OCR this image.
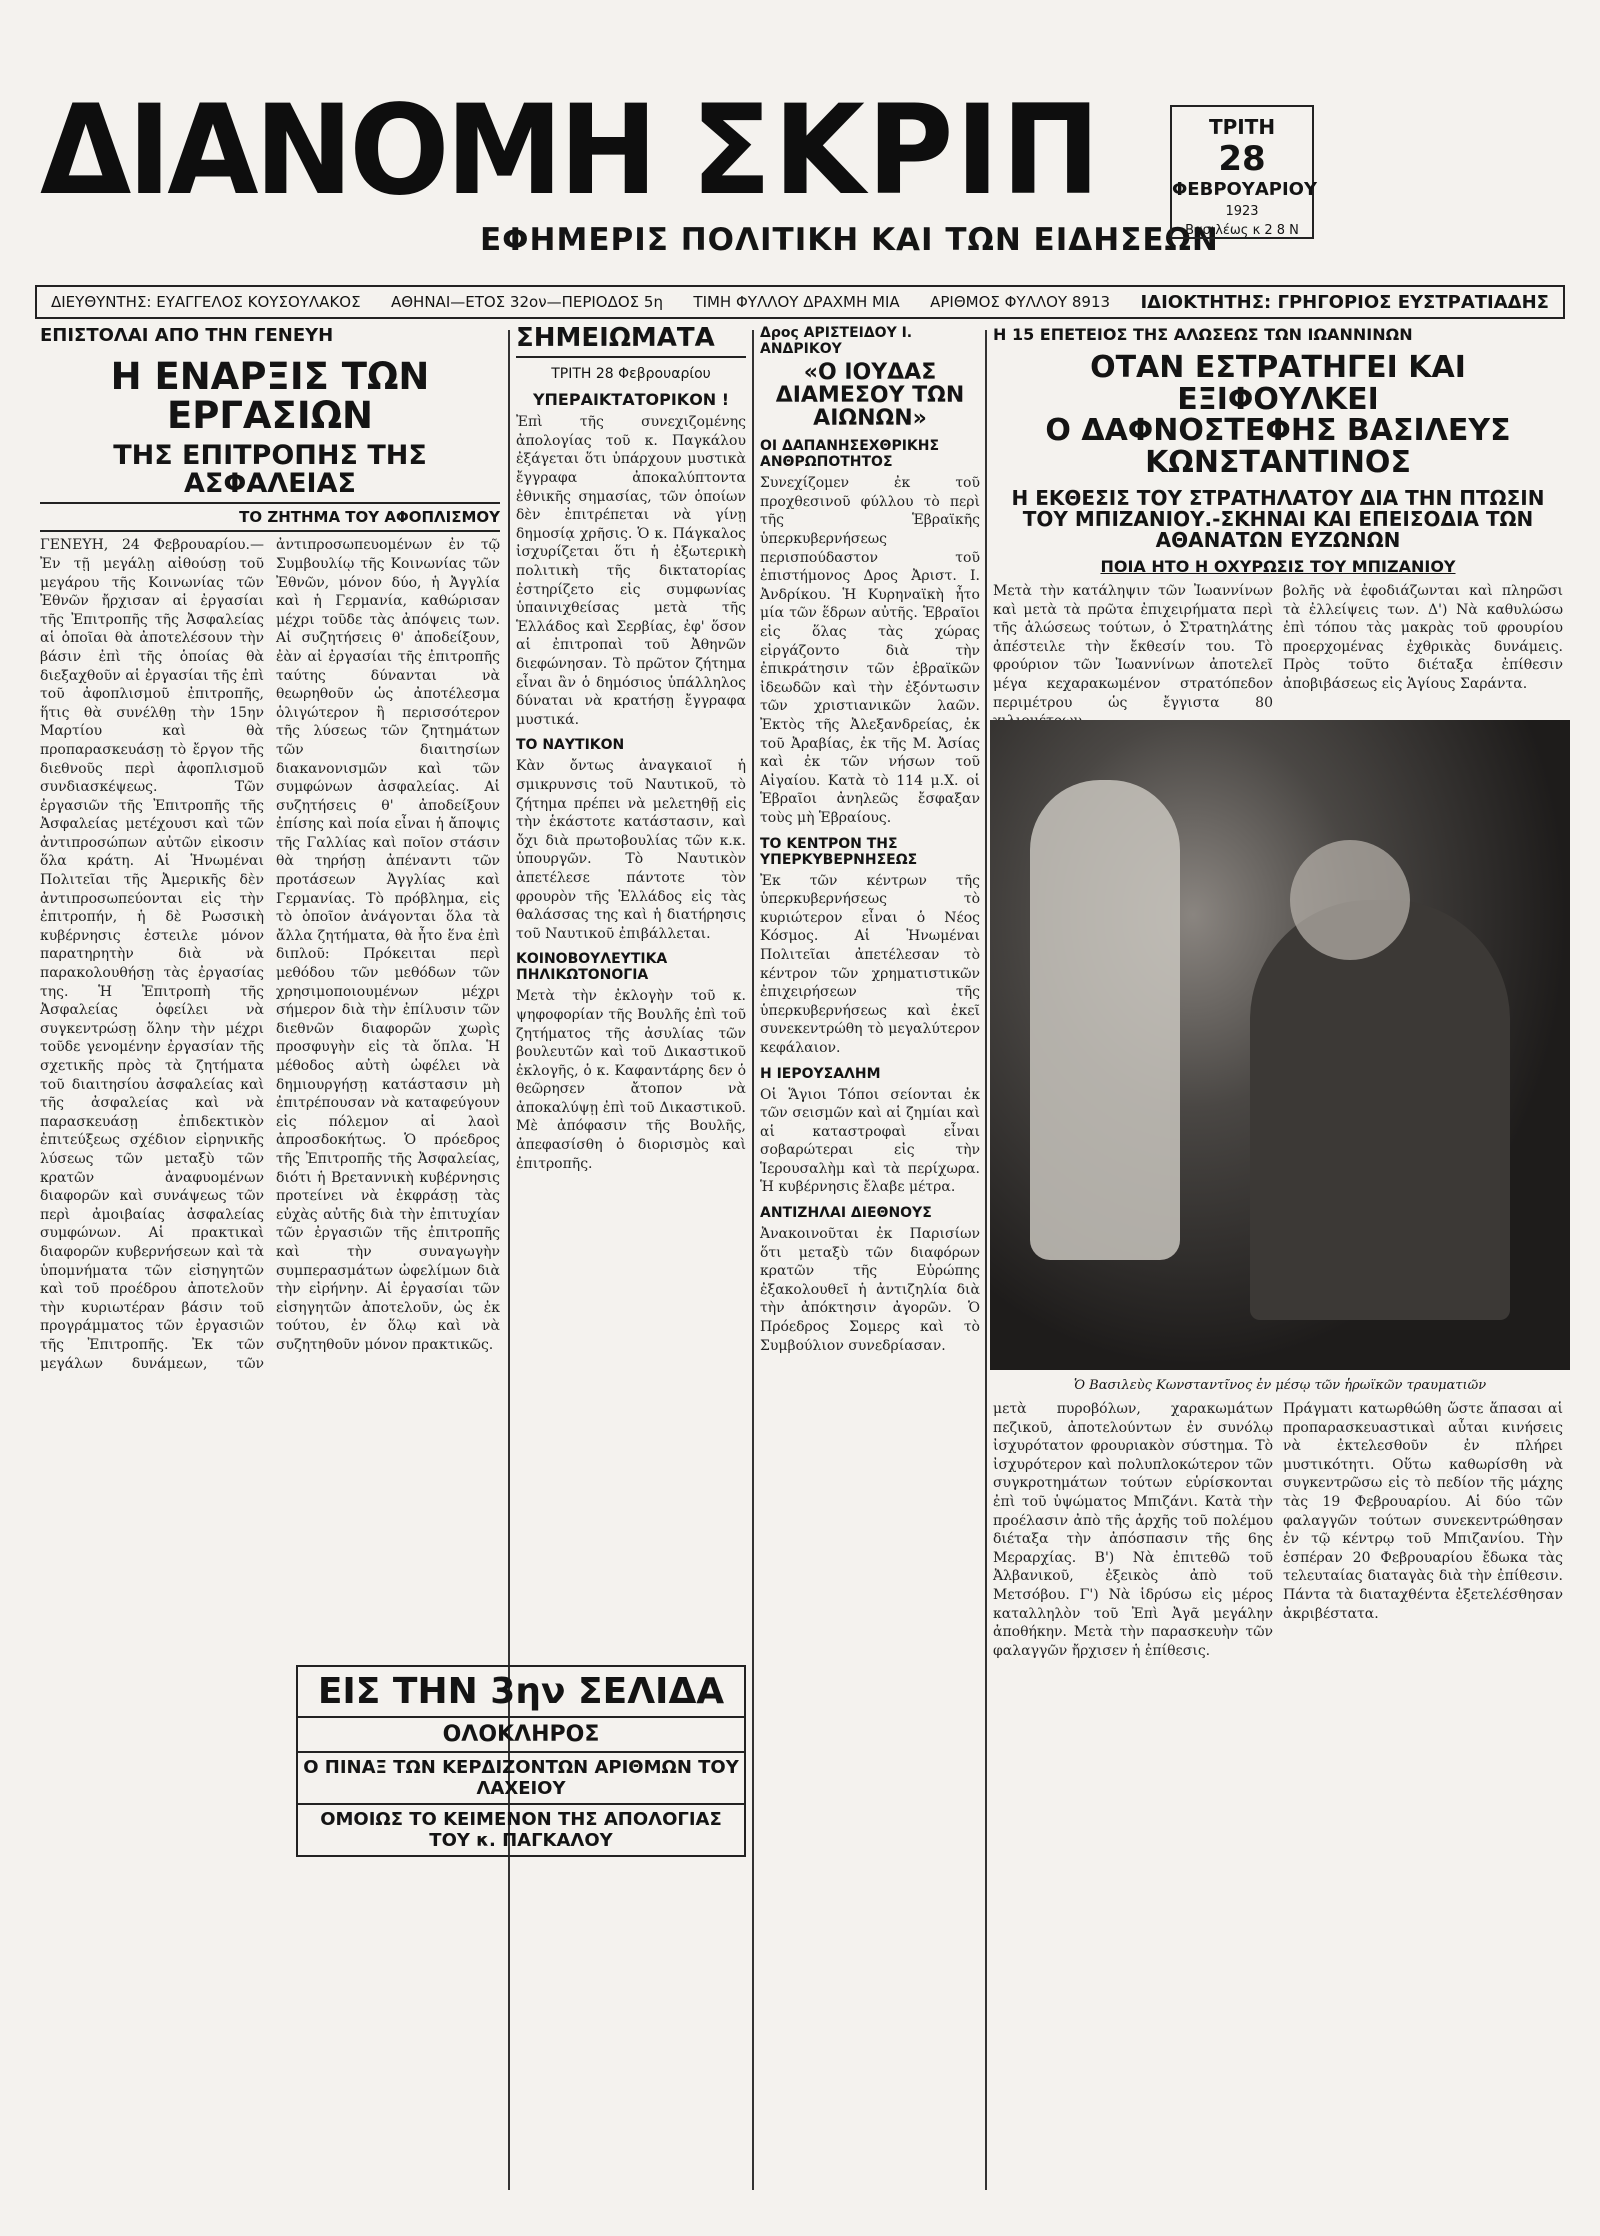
ΔΙΑΝΟΜΗ ΣΚΡΙΠ
ΕΦΗΜΕΡΙΣ ΠΟΛΙΤΙΚΗ ΚΑΙ ΤΩΝ ΕΙΔΗΣΕΩΝ
ΤΡΙΤΗ
28
ΦΕΒΡΟΥΑΡΙΟΥ
1923
Βασιλέως κ 2 8 Ν
ΔΙΕΥΘΥΝΤΗΣ: ΕΥΑΓΓΕΛΟΣ ΚΟΥΣΟΥΛΑΚΟΣ ΑΘΗΝΑΙ—ΕΤΟΣ 32ον—ΠΕΡΙΟΔΟΣ 5η ΤΙΜΗ ΦΥΛΛΟΥ ΔΡΑΧΜΗ ΜΙΑ ΑΡΙΘΜΟΣ ΦΥΛΛΟΥ 8913 ΙΔΙΟΚΤΗΤΗΣ: ΓΡΗΓΟΡΙΟΣ ΕΥΣΤΡΑΤΙΑΔΗΣ
ΕΠΙΣΤΟΛΑΙ ΑΠΟ ΤΗΝ ΓΕΝΕΥΗ
Η ΕΝΑΡΞΙΣ ΤΩΝ ΕΡΓΑΣΙΩΝ
ΤΗΣ ΕΠΙΤΡΟΠΗΣ ΤΗΣ ΑΣΦΑΛΕΙΑΣ
ΤΟ ΖΗΤΗΜΑ ΤΟΥ ΑΦΟΠΛΙΣΜΟΥ
ΓΕΝΕΥΗ, 24 Φεβρουαρίου.—Ἐν τῇ μεγάλῃ αἰθούσῃ τοῦ μεγάρου τῆς Κοινωνίας τῶν Ἐθνῶν ἤρχισαν αἱ ἐργασίαι τῆς Ἐπιτροπῆς τῆς Ἀσφαλείας αἱ ὁποῖαι θὰ ἀποτελέσουν τὴν βάσιν ἐπὶ τῆς ὁποίας θὰ διεξαχθοῦν αἱ ἐργασίαι τῆς ἐπὶ τοῦ ἀφοπλισμοῦ ἐπιτροπῆς, ἥτις θὰ συνέλθῃ τὴν 15ην Μαρτίου καὶ θὰ προπαρασκευάσῃ τὸ ἔργον τῆς διεθνοῦς περὶ ἀφοπλισμοῦ συνδιασκέψεως. Τῶν ἐργασιῶν τῆς Ἐπιτροπῆς τῆς Ἀσφαλείας μετέχουσι καὶ τῶν ἀντιπροσώπων αὐτῶν εἰκοσιν ὅλα κράτη. Αἱ Ἡνωμέναι Πολιτεῖαι τῆς Ἀμερικῆς δὲν ἀντιπροσωπεύονται εἰς τὴν ἐπιτροπήν, ἡ δὲ Ρωσσικὴ κυβέρνησις ἐστειλε μόνον παρατηρητὴν διὰ νὰ παρακολουθήσῃ τὰς ἐργασίας της. Ἡ Ἐπιτροπὴ τῆς Ἀσφαλείας ὀφείλει νὰ συγκεντρώσῃ ὅλην τὴν μέχρι τοῦδε γενομένην ἐργασίαν τῆς σχετικῆς πρὸς τὰ ζητήματα τοῦ διαιτησίου ἀσφαλείας καὶ τῆς ἀσφαλείας καὶ νὰ παρασκευάσῃ ἐπιδεκτικὸν ἐπιτεύξεως σχέδιον εἰρηνικῆς λύσεως τῶν μεταξὺ τῶν κρατῶν ἀναφυομένων διαφορῶν καὶ συνάψεως τῶν περὶ ἀμοιβαίας ἀσφαλείας συμφώνων. Αἱ πρακτικαὶ διαφορῶν κυβερνήσεων καὶ τὰ ὑπομνήματα τῶν εἰσηγητῶν καὶ τοῦ προέδρου ἀποτελοῦν τὴν κυριωτέραν βάσιν τοῦ προγράμματος τῶν ἐργασιῶν τῆς Ἐπιτροπῆς. Ἐκ τῶν μεγάλων δυνάμεων, τῶν ἀντιπροσωπευομένων ἐν τῷ Συμβουλίῳ τῆς Κοινωνίας τῶν Ἐθνῶν, μόνον δύο, ἡ Ἀγγλία καὶ ἡ Γερμανία, καθώρισαν μέχρι τοῦδε τὰς ἀπόψεις των. Αἱ συζητήσεις θ' ἀποδείξουν, ἐὰν αἱ ἐργασίαι τῆς ἐπιτροπῆς ταύτης δύνανται νὰ θεωρηθοῦν ὡς ἀποτέλεσμα ὁλιγώτερον ἢ περισσότερον τῆς λύσεως τῶν ζητημάτων τῶν διαιτησίων διακανονισμῶν καὶ τῶν συμφώνων ἀσφαλείας. Αἱ συζητήσεις θ' ἀποδείξουν ἐπίσης καὶ ποία εἶναι ἡ ἄποψις τῆς Γαλλίας καὶ ποῖον στάσιν θὰ τηρήσῃ ἀπέναντι τῶν προτάσεων Ἀγγλίας καὶ Γερμανίας. Τὸ πρόβλημα, εἰς τὸ ὁποῖον ἀνάγονται ὅλα τὰ ἄλλα ζητήματα, θὰ ἦτο ἕνα ἐπὶ διπλοῦ: Πρόκειται περὶ μεθόδου τῶν μεθόδων τῶν χρησιμοποιουμένων μέχρι σήμερον διὰ τὴν ἐπίλυσιν τῶν διεθνῶν διαφορῶν χωρὶς προσφυγὴν εἰς τὰ ὅπλα. Ἡ μέθοδος αὐτὴ ὠφέλει νὰ δημιουργήσῃ κατάστασιν μὴ ἐπιτρέπουσαν νὰ καταφεύγουν εἰς πόλεμον αἱ λαοὶ ἀπροσδοκήτως. Ὁ πρόεδρος τῆς Ἐπιτροπῆς τῆς Ἀσφαλείας, διότι ἡ Βρεταννικὴ κυβέρνησις προτείνει νὰ ἐκφράσῃ τὰς εὐχὰς αὐτῆς διὰ τὴν ἐπιτυχίαν τῶν ἐργασιῶν τῆς ἐπιτροπῆς καὶ τὴν συναγωγὴν συμπερασμάτων ὠφελίμων διὰ τὴν εἰρήνην. Αἱ ἐργασίαι τῶν εἰσηγητῶν ἀποτελοῦν, ὡς ἐκ τούτου, ἐν ὅλῳ καὶ νὰ συζητηθοῦν μόνον πρακτικῶς.
ΣΗΜΕΙΩΜΑΤΑ
ΤΡΙΤΗ 28 Φεβρουαρίου
ΥΠΕΡΑΙΚΤΑΤΟΡΙΚΟΝ !
Ἐπὶ τῆς συνεχιζομένης ἀπολογίας τοῦ κ. Παγκάλου ἐξάγεται ὅτι ὑπάρχουν μυστικὰ ἔγγραφα ἀποκαλύπτοντα ἐθνικῆς σημασίας, τῶν ὁποίων δὲν ἐπιτρέπεται νὰ γίνῃ δημοσίᾳ χρῆσις. Ὁ κ. Πάγκαλος ἰσχυρίζεται ὅτι ἡ ἐξωτερικὴ πολιτικὴ τῆς δικτατορίας ἐστηρίζετο εἰς συμφωνίας ὑπαινιχθείσας μετὰ τῆς Ἑλλάδος καὶ Σερβίας, ἐφ' ὅσον αἱ ἐπιτροπαὶ τοῦ Ἀθηνῶν διεφώνησαν. Τὸ πρῶτον ζήτημα εἶναι ἂν ὁ δημόσιος ὑπάλληλος δύναται νὰ κρατήσῃ ἔγγραφα μυστικά.
ΤΟ ΝΑΥΤΙΚΟΝ
Κὰν ὄντως ἀναγκαιοῖ ἡ σμικρυνσις τοῦ Ναυτικοῦ, τὸ ζήτημα πρέπει νὰ μελετηθῇ εἰς τὴν ἑκάστοτε κατάστασιν, καὶ ὄχι διὰ πρωτοβουλίας τῶν κ.κ. ὑπουργῶν. Τὸ Ναυτικὸν ἀπετέλεσε πάντοτε τὸν φρουρὸν τῆς Ἑλλάδος εἰς τὰς θαλάσσας της καὶ ἡ διατήρησις τοῦ Ναυτικοῦ ἐπιβάλλεται.
ΚΟΙΝΟΒΟΥΛΕΥΤΙΚΑ ΠΗΛΙΚΩΤΟΝΟΓΙΑ
Μετὰ τὴν ἐκλογὴν τοῦ κ. ψηφοφορίαν τῆς Βουλῆς ἐπὶ τοῦ ζητήματος τῆς ἀσυλίας τῶν βουλευτῶν καὶ τοῦ Δικαστικοῦ ἐκλογῆς, ὁ κ. Καφαντάρης δεν ὁ θεῶρησεν ἄτοπον νὰ ἀποκαλύψῃ ἐπὶ τοῦ Δικαστικοῦ. Μὲ ἀπόφασιν τῆς Βουλῆς, ἀπεφασίσθη ὁ διορισμὸς καὶ ἐπιτροπῆς.
ΕΙΣ ΤΗΝ 3ην ΣΕΛΙΔΑ
ΟΛΟΚΛΗΡΟΣ
Ο ΠΙΝΑΞ ΤΩΝ ΚΕΡΔΙΖΟΝΤΩΝ ΑΡΙΘΜΩΝ ΤΟΥ ΛΑΧΕΙΟΥ
ΟΜΟΙΩΣ ΤΟ ΚΕΙΜΕΝΟΝ ΤΗΣ ΑΠΟΛΟΓΙΑΣ ΤΟΥ κ. ΠΑΓΚΑΛΟΥ
Δρος ΑΡΙΣΤΕΙΔΟΥ Ι. ΑΝΔΡΙΚΟΥ
«Ο ΙΟΥΔΑΣ ΔΙΑΜΕΣΟΥ ΤΩΝ ΑΙΩΝΩΝ»
ΟΙ ΔΑΠΑΝΗΣΕΧΘΡΙΚΗΣ ΑΝΘΡΩΠΟΤΗΤΟΣ
Συνεχίζομεν ἐκ τοῦ προχθεσινοῦ φύλλου τὸ περὶ τῆς Ἑβραϊκῆς ὑπερκυβερνήσεως περισπούδαστον τοῦ ἐπιστήμονος Δρος Ἀριστ. Ι. Ἀνδρίκου. Ἡ Κυρηναϊκὴ ἦτο μία τῶν ἕδρων αὐτῆς. Ἑβραῖοι εἰς ὅλας τὰς χώρας εἰργάζοντο διὰ τὴν ἐπικράτησιν τῶν ἑβραϊκῶν ἰδεωδῶν καὶ τὴν ἐξόντωσιν τῶν χριστιανικῶν λαῶν. Ἐκτὸς τῆς Ἀλεξανδρείας, ἐκ τοῦ Ἀραβίας, ἐκ τῆς Μ. Ἀσίας καὶ ἐκ τῶν νήσων τοῦ Αἰγαίου. Κατὰ τὸ 114 μ.Χ. οἱ Ἑβραῖοι ἀνηλεῶς ἔσφαξαν τοὺς μὴ Ἑβραίους.
ΤΟ ΚΕΝΤΡΟΝ ΤΗΣ ΥΠΕΡΚΥΒΕΡΝΗΣΕΩΣ
Ἐκ τῶν κέντρων τῆς ὑπερκυβερνήσεως τὸ κυριώτερον εἶναι ὁ Νέος Κόσμος. Αἱ Ἡνωμέναι Πολιτεῖαι ἀπετέλεσαν τὸ κέντρον τῶν χρηματιστικῶν ἐπιχειρήσεων τῆς ὑπερκυβερνήσεως καὶ ἐκεῖ συνεκεντρώθη τὸ μεγαλύτερον κεφάλαιον.
Η ΙΕΡΟΥΣΑΛΗΜ
Οἱ Ἅγιοι Τόποι σείονται ἐκ τῶν σεισμῶν καὶ αἱ ζημίαι καὶ αἱ καταστροφαὶ εἶναι σοβαρώτεραι εἰς τὴν Ἱερουσαλὴμ καὶ τὰ περίχωρα. Ἡ κυβέρνησις ἔλαβε μέτρα.
ΑΝΤΙΖΗΛΑΙ ΔΙΕΘΝΟΥΣ
Ἀνακοινοῦται ἐκ Παρισίων ὅτι μεταξὺ τῶν διαφόρων κρατῶν τῆς Εὐρώπης ἐξακολουθεῖ ἡ ἀντιζηλία διὰ τὴν ἀπόκτησιν ἀγορῶν. Ὁ Πρόεδρος Σομερς καὶ τὸ Συμβούλιον συνεδρίασαν.
Η 15 ΕΠΕΤΕΙΟΣ ΤΗΣ ΑΛΩΣΕΩΣ ΤΩΝ ΙΩΑΝΝΙΝΩΝ
ΟΤΑΝ ΕΣΤΡΑΤΗΓΕΙ ΚΑΙ ΕΞΙΦΟΥΛΚΕΙ
Ο ΔΑΦΝΟΣΤΕΦΗΣ ΒΑΣΙΛΕΥΣ ΚΩΝΣΤΑΝΤΙΝΟΣ
Η ΕΚΘΕΣΙΣ ΤΟΥ ΣΤΡΑΤΗΛΑΤΟΥ ΔΙΑ ΤΗΝ ΠΤΩΣΙΝ ΤΟΥ ΜΠΙΖΑΝΙΟΥ.-ΣΚΗΝΑΙ ΚΑΙ ΕΠΕΙΣΟΔΙΑ ΤΩΝ ΑΘΑΝΑΤΩΝ ΕΥΖΩΝΩΝ
ΠΟΙΑ ΗΤΟ Η ΟΧΥΡΩΣΙΣ ΤΟΥ ΜΠΙΖΑΝΙΟΥ
Μετὰ τὴν κατάληψιν τῶν Ἰωαννίνων καὶ μετὰ τὰ πρῶτα ἐπιχειρήματα περὶ τῆς ἁλώσεως τούτων, ὁ Στρατηλάτης ἀπέστειλε τὴν ἔκθεσίν του. Τὸ φρούριον τῶν Ἰωαννίνων ἀποτελεῖ μέγα κεχαρακωμένον στρατόπεδον περιμέτρου ὡς ἔγγιστα 80
βολῆς νὰ ἐφοδιάζωνται καὶ πληρῶσι τὰ ἐλλείψεις των. Δ') Νὰ καθυλώσω ἐπὶ τόπου τὰς μακρὰς τοῦ φρουρίου προερχομένας ἐχθρικὰς δυνάμεις. Πρὸς τοῦτο διέταξα ἐπίθεσιν ἀποβιβάσεως εἰς Ἁγίους Σαράντα.
Ὁ Βασιλεὺς Κωνσταντῖνος ἐν μέσῳ τῶν ἡρωϊκῶν τραυματιῶν
μετὰ πυροβόλων, χαρακωμάτων πεζικοῦ, ἀποτελούντων ἐν συνόλῳ ἰσχυρότατον φρουριακὸν σύστημα. Τὸ ἰσχυρότερον καὶ πολυπλοκώτερον τῶν συγκροτημάτων τούτων εὑρίσκονται ἐπὶ τοῦ ὑψώματος Μπιζάνι. Κατὰ τὴν προέλασιν ἀπὸ τῆς ἀρχῆς τοῦ πολέμου διέταξα τὴν ἀπόσπασιν τῆς 6ης Μεραρχίας. Β') Νὰ ἐπιτεθῶ τοῦ Ἀλβανικοῦ, ἐξεικὸς ἀπὸ τοῦ Μετσόβου. Γ') Νὰ ἱδρύσω εἰς μέρος καταλληλὸν τοῦ Ἐπὶ Ἀγᾶ μεγάλην ἀποθήκην. Μετὰ τὴν παρασκευὴν τῶν φαλαγγῶν ἤρχισεν ἡ ἐπίθεσις.
Πράγματι κατωρθώθη ὥστε ἅπασαι αἱ προπαρασκευαστικαὶ αὗται κινήσεις νὰ ἐκτελεσθοῦν ἐν πλήρει μυστικότητι. Οὕτω καθωρίσθη νὰ συγκεντρῶσω εἰς τὸ πεδίον τῆς μάχης τὰς 19 Φεβρουαρίου. Αἱ δύο τῶν φαλαγγῶν τούτων συνεκεντρώθησαν ἐν τῷ κέντρῳ τοῦ Μπιζανίου. Τὴν ἑσπέραν 20 Φεβρουαρίου ἔδωκα τὰς τελευταίας διαταγὰς διὰ τὴν ἐπίθεσιν. Πάντα τὰ διαταχθέντα ἐξετελέσθησαν ἀκριβέστατα.
